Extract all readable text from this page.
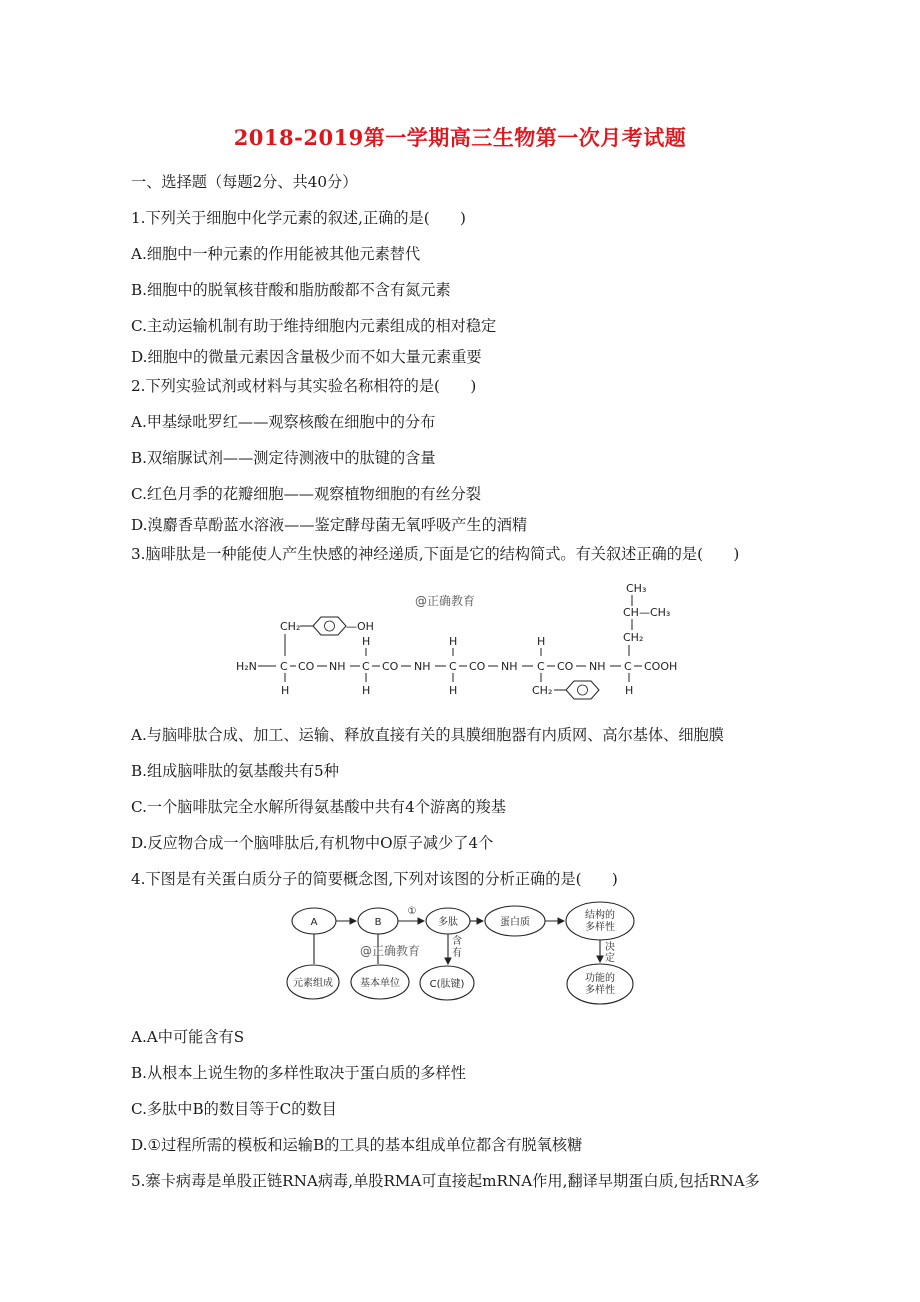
2018-2019第一学期高三生物第一次月考试题
一、选择题（每题2分、共40分）
1.下列关于细胞中化学元素的叙述,正确的是(　　)
A.细胞中一种元素的作用能被其他元素替代
B.细胞中的脱氧核苷酸和脂肪酸都不含有氮元素
C.主动运输机制有助于维持细胞内元素组成的相对稳定
D.细胞中的微量元素因含量极少而不如大量元素重要
2.下列实验试剂或材料与其实验名称相符的是(　　)
A.甲基绿吡罗红——观察核酸在细胞中的分布
B.双缩脲试剂——测定待测液中的肽键的含量
C.红色月季的花瓣细胞——观察植物细胞的有丝分裂
D.溴麝香草酚蓝水溶液——鉴定酵母菌无氧呼吸产生的酒精
3.脑啡肽是一种能使人产生快感的神经递质,下面是它的结构简式。有关叙述正确的是(　　)
CH₃
CH—CH₃
CH₂
@正确教育
CH₂	—OH
H	H	H
H₂N C CO NH C CO NH C CO NH C CO NH C COOH
H	H	H	CH₂	H
A.与脑啡肽合成、加工、运输、释放直接有关的具膜细胞器有内质网、高尔基体、细胞膜
B.组成脑啡肽的氨基酸共有5种
C.一个脑啡肽完全水解所得氨基酸中共有4个游离的羧基
D.反应物合成一个脑啡肽后,有机物中O原子减少了4个
4.下图是有关蛋白质分子的简要概念图,下列对该图的分析正确的是(　　)
A	B
①
多肽	蛋白质
结构的
多样性
元素组成	基本单位	C(肽键)
功能的
多样性
含
有
决
定
@正确教育
A.A中可能含有S
B.从根本上说生物的多样性取决于蛋白质的多样性
C.多肽中B的数目等于C的数目
D.①过程所需的模板和运输B的工具的基本组成单位都含有脱氧核糖
5.寨卡病毒是单股正链RNA病毒,单股RMA可直接起mRNA作用,翻译早期蛋白质,包括RNA多
